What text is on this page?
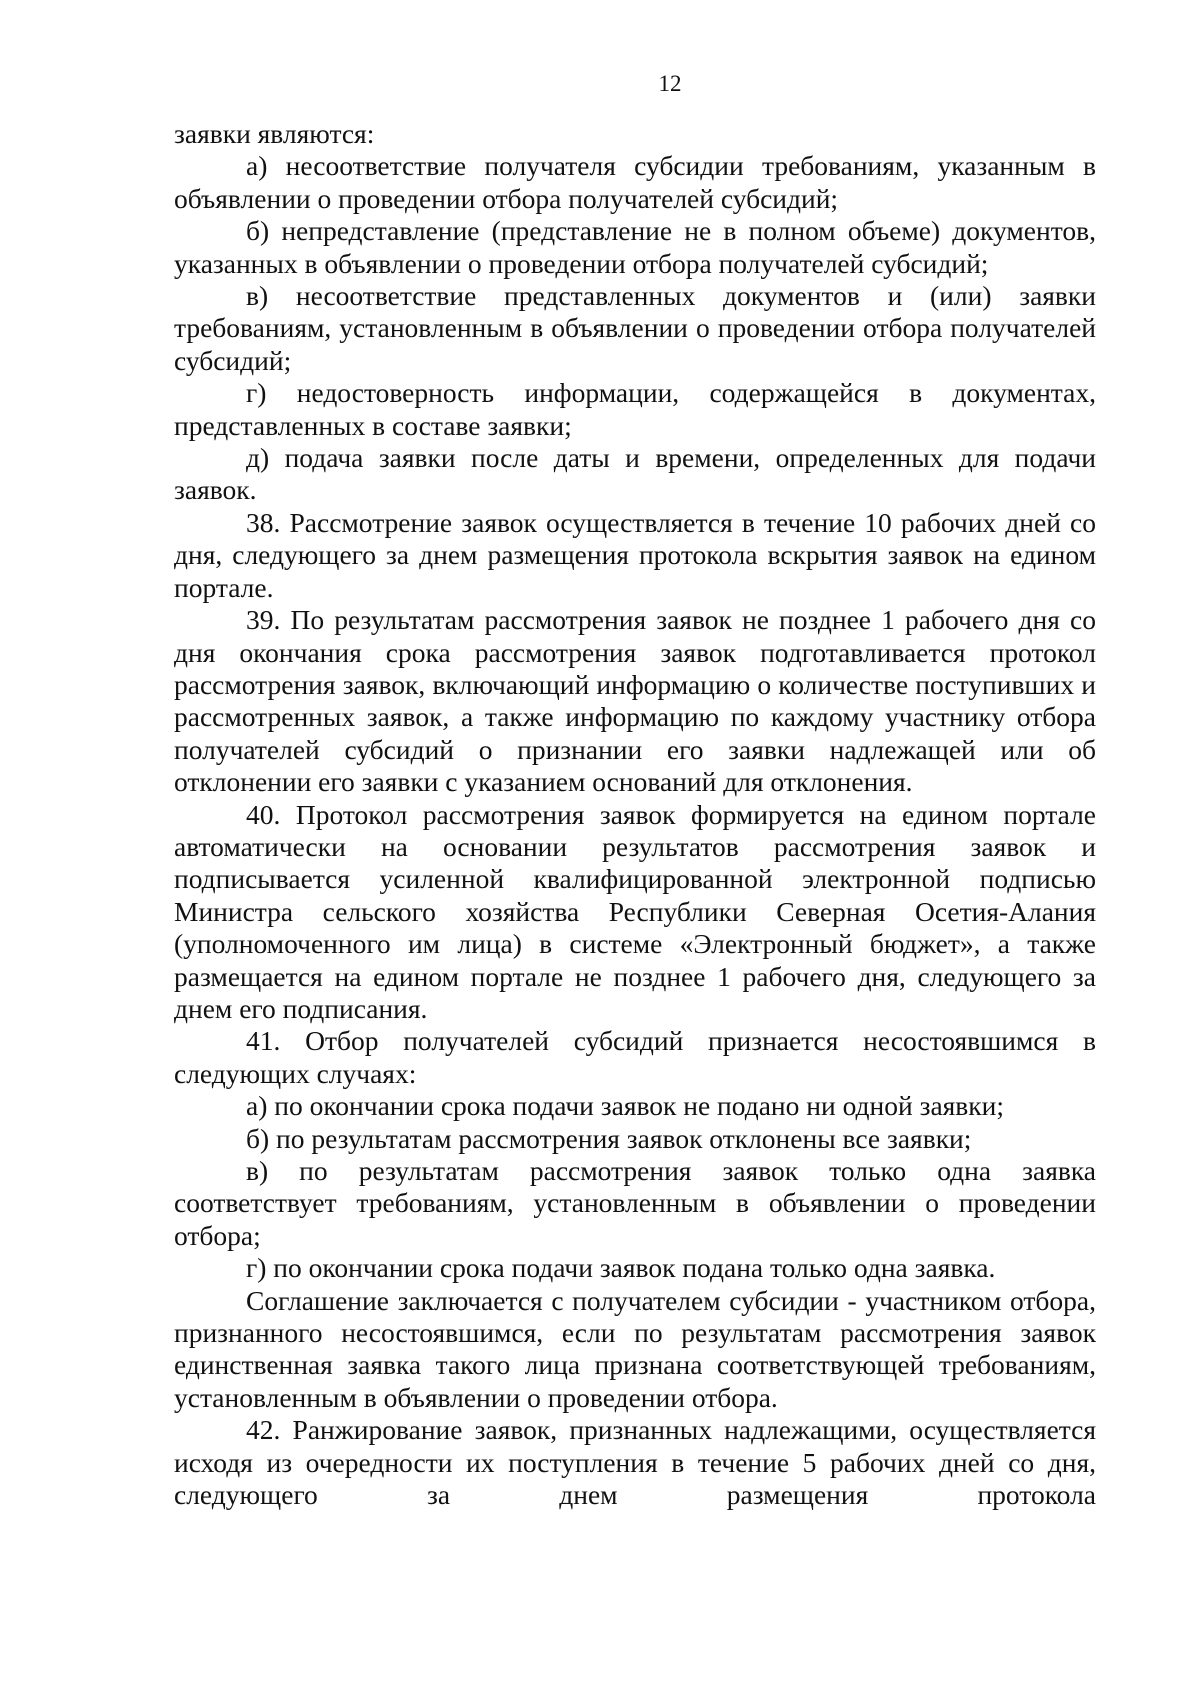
12

заявки являются:

а) несоответствие получателя субсидии требованиям, указанным в объявлении о проведении отбора получателей субсидий;

б) непредставление (представление не в полном объеме) документов, указанных в объявлении о проведении отбора получателей субсидий;

в) несоответствие представленных документов и (или) заявки требованиям, установленным в объявлении о проведении отбора получателей субсидий;

г) недостоверность информации, содержащейся в документах, представленных в составе заявки;

д) подача заявки после даты и времени, определенных для подачи заявок.

38. Рассмотрение заявок осуществляется в течение 10 рабочих дней со дня, следующего за днем размещения протокола вскрытия заявок на едином портале.

39. По результатам рассмотрения заявок не позднее 1 рабочего дня со дня окончания срока рассмотрения заявок подготавливается протокол рассмотрения заявок, включающий информацию о количестве поступивших и рассмотренных заявок, а также информацию по каждому участнику отбора получателей субсидий о признании его заявки надлежащей или об отклонении его заявки с указанием оснований для отклонения.

40. Протокол рассмотрения заявок формируется на едином портале автоматически на основании результатов рассмотрения заявок и подписывается усиленной квалифицированной электронной подписью Министра сельского хозяйства Республики Северная Осетия-Алания (уполномоченного им лица) в системе «Электронный бюджет», а также размещается на едином портале не позднее 1 рабочего дня, следующего за днем его подписания.

41. Отбор получателей субсидий признается несостоявшимся в следующих случаях:

а) по окончании срока подачи заявок не подано ни одной заявки;

б) по результатам рассмотрения заявок отклонены все заявки;

в) по результатам рассмотрения заявок только одна заявка соответствует требованиям, установленным в объявлении о проведении отбора;

г) по окончании срока подачи заявок подана только одна заявка.

Соглашение заключается с получателем субсидии - участником отбора, признанного несостоявшимся, если по результатам рассмотрения заявок единственная заявка такого лица признана соответствующей требованиям, установленным в объявлении о проведении отбора.

42. Ранжирование заявок, признанных надлежащими, осуществляется исходя из очередности их поступления в течение 5 рабочих дней со дня, следующего за днем размещения протокола
